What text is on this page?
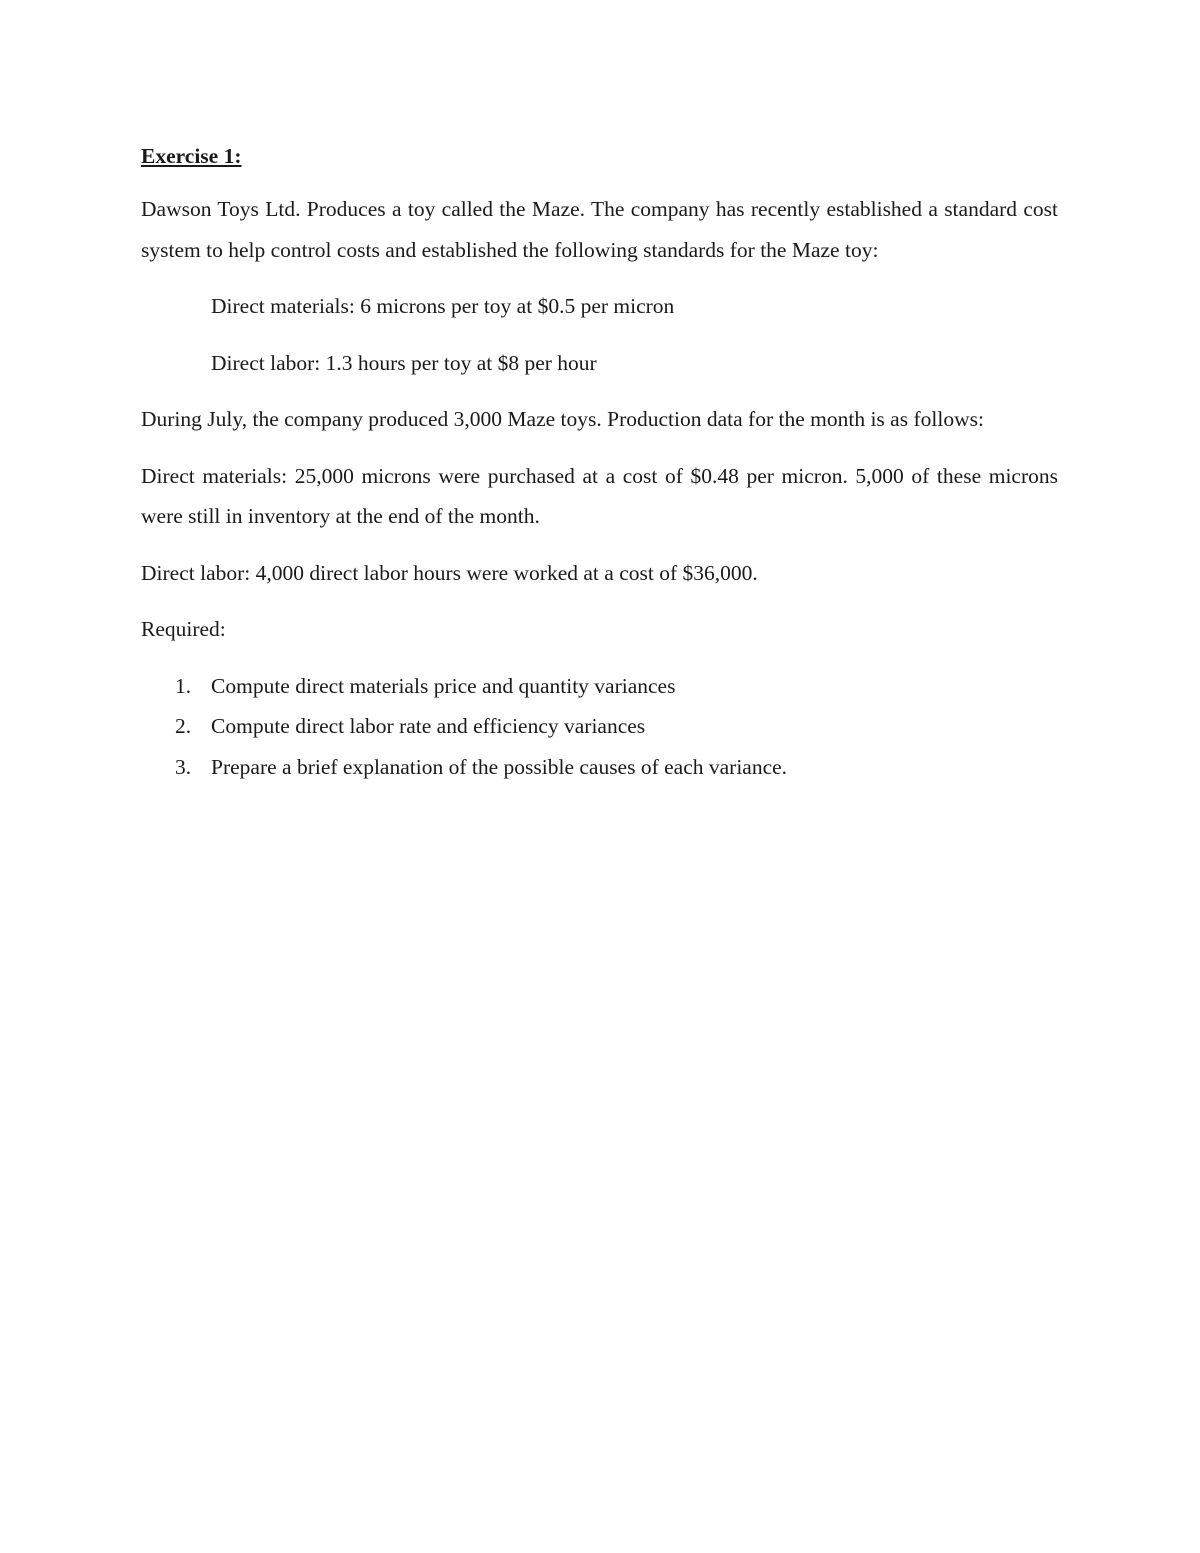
Exercise 1:

Dawson Toys Ltd. Produces a toy called the Maze. The company has recently established a standard cost system to help control costs and established the following standards for the Maze toy:

Direct materials: 6 microns per toy at $0.5 per micron

Direct labor: 1.3 hours per toy at $8 per hour

During July, the company produced 3,000 Maze toys. Production data for the month is as follows:

Direct materials: 25,000 microns were purchased at a cost of $0.48 per micron. 5,000 of these microns were still in inventory at the end of the month.

Direct labor: 4,000 direct labor hours were worked at a cost of $36,000.

Required:

1. Compute direct materials price and quantity variances
2. Compute direct labor rate and efficiency variances
3. Prepare a brief explanation of the possible causes of each variance.
